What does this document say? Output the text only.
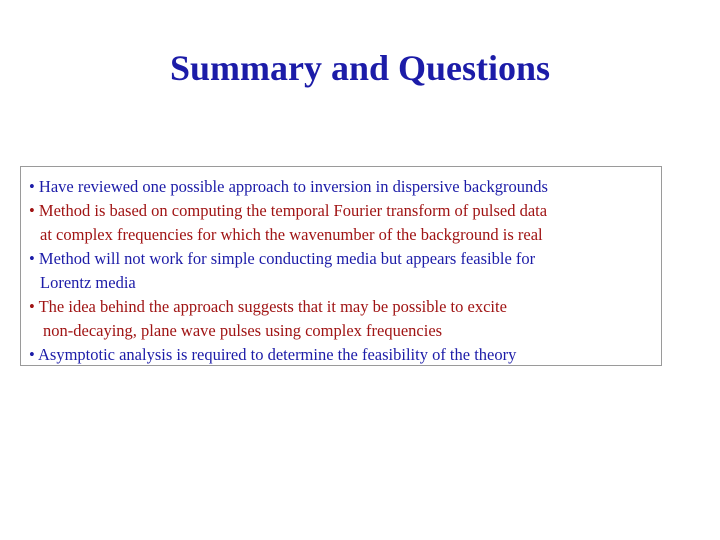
Summary and Questions

• Have reviewed one possible approach to inversion in dispersive backgrounds

• Method is based on computing the temporal Fourier transform of pulsed data

at complex frequencies for which the wavenumber of the background is real

• Method will not work for simple conducting media but appears feasible for

Lorentz media

• The idea behind the approach suggests that it may be possible to excite

non-decaying, plane wave pulses using complex frequencies

• Asymptotic analysis is required to determine the feasibility of the theory
